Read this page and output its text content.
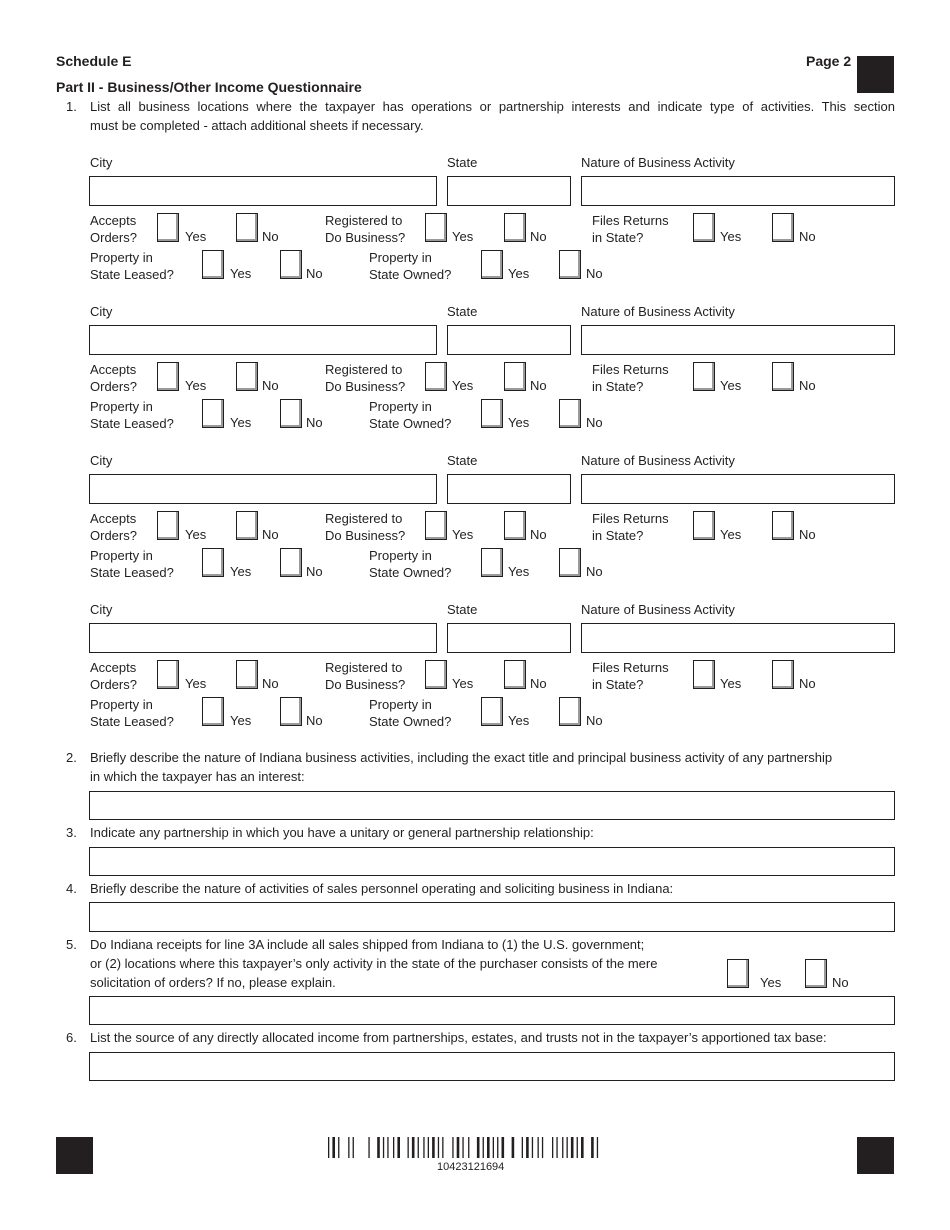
Schedule E	Page 2
Part II - Business/Other Income Questionnaire
1. List all business locations where the taxpayer has operations or partnership interests and indicate type of activities. This section
must be completed - attach additional sheets if necessary.
City	State	Nature of Business Activity
Accepts
Orders?	Yes	No
Registered to
Do Business?	Yes	No
Files Returns
in State?	Yes	No
Property in
State Leased?	Yes	No
Property in
State Owned?	Yes	No
City	State	Nature of Business Activity
Accepts
Orders?	Yes	No
Registered to
Do Business?	Yes	No
Files Returns
in State?	Yes	No
Property in
State Leased?	Yes	No
Property in
State Owned?	Yes	No
City	State	Nature of Business Activity
Accepts
Orders?	Yes	No
Registered to
Do Business?	Yes	No
Files Returns
in State?	Yes	No
Property in
State Leased?	Yes	No
Property in
State Owned?	Yes	No
City	State	Nature of Business Activity
Accepts
Orders?	Yes	No
Registered to
Do Business?	Yes	No
Files Returns
in State?	Yes	No
Property in
State Leased?	Yes	No
Property in
State Owned?	Yes	No
2. Briefly describe the nature of Indiana business activities, including the exact title and principal business activity of any partnership
in which the taxpayer has an interest:
3. Indicate any partnership in which you have a unitary or general partnership relationship:
4. Briefly describe the nature of activities of sales personnel operating and soliciting business in Indiana:
5. Do Indiana receipts for line 3A include all sales shipped from Indiana to (1) the U.S. government;
or (2) locations where this taxpayer’s only activity in the state of the purchaser consists of the mere
solicitation of orders? If no, please explain.	Yes	No
6. List the source of any directly allocated income from partnerships, estates, and trusts not in the taxpayer’s apportioned tax base:
10423121694
